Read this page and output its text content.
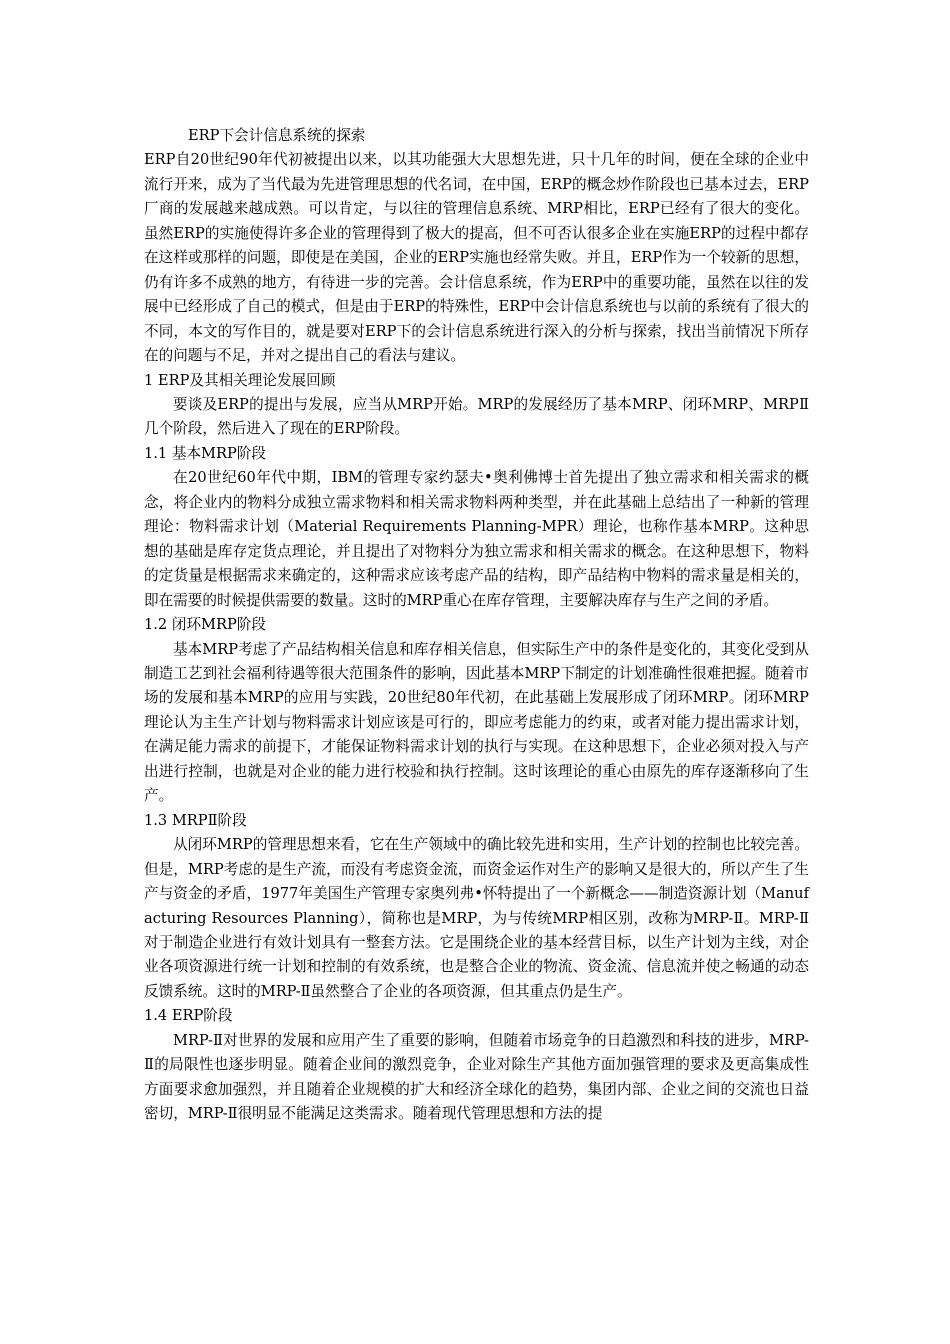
ERP下会计信息系统的探索

ERP自20世纪90年代初被提出以来，以其功能强大大思想先进，只十几年的时间，便在全球的企业中流行开来，成为了当代最为先进管理思想的代名词，在中国，ERP的概念炒作阶段也已基本过去，ERP厂商的发展越来越成熟。可以肯定，与以往的管理信息系统、MRP相比，ERP已经有了很大的变化。虽然ERP的实施使得许多企业的管理得到了极大的提高，但不可否认很多企业在实施ERP的过程中都存在这样或那样的问题，即使是在美国，企业的ERP实施也经常失败。并且，ERP作为一个较新的思想，仍有许多不成熟的地方，有待进一步的完善。会计信息系统，作为ERP中的重要功能，虽然在以往的发展中已经形成了自己的模式，但是由于ERP的特殊性，ERP中会计信息系统也与以前的系统有了很大的不同，本文的写作目的，就是要对ERP下的会计信息系统进行深入的分析与探索，找出当前情况下所存在的问题与不足，并对之提出自己的看法与建议。

1 ERP及其相关理论发展回顾

要谈及ERP的提出与发展，应当从MRP开始。MRP的发展经历了基本MRP、闭环MRP、MRPⅡ几个阶段，然后进入了现在的ERP阶段。

1.1 基本MRP阶段

在20世纪60年代中期，IBM的管理专家约瑟夫•奥利佛博士首先提出了独立需求和相关需求的概念，将企业内的物料分成独立需求物料和相关需求物料两种类型，并在此基础上总结出了一种新的管理理论：物料需求计划（Material Requirements Planning-MPR）理论，也称作基本MRP。这种思想的基础是库存定货点理论，并且提出了对物料分为独立需求和相关需求的概念。在这种思想下，物料的定货量是根据需求来确定的，这种需求应该考虑产品的结构，即产品结构中物料的需求量是相关的，即在需要的时候提供需要的数量。这时的MRP重心在库存管理，主要解决库存与生产之间的矛盾。

1.2 闭环MRP阶段

基本MRP考虑了产品结构相关信息和库存相关信息，但实际生产中的条件是变化的，其变化受到从制造工艺到社会福利待遇等很大范围条件的影响，因此基本MRP下制定的计划准确性很难把握。随着市场的发展和基本MRP的应用与实践，20世纪80年代初，在此基础上发展形成了闭环MRP。闭环MRP理论认为主生产计划与物料需求计划应该是可行的，即应考虑能力的约束，或者对能力提出需求计划，在满足能力需求的前提下，才能保证物料需求计划的执行与实现。在这种思想下，企业必须对投入与产出进行控制，也就是对企业的能力进行校验和执行控制。这时该理论的重心由原先的库存逐渐移向了生产。

1.3 MRPⅡ阶段

从闭环MRP的管理思想来看，它在生产领域中的确比较先进和实用，生产计划的控制也比较完善。但是，MRP考虑的是生产流，而没有考虑资金流，而资金运作对生产的影响又是很大的，所以产生了生产与资金的矛盾，1977年美国生产管理专家奥列弗•怀特提出了一个新概念——制造资源计划（Manufacturing Resources Planning），简称也是MRP，为与传统MRP相区别，改称为MRP-Ⅱ。MRP-Ⅱ对于制造企业进行有效计划具有一整套方法。它是围绕企业的基本经营目标，以生产计划为主线，对企业各项资源进行统一计划和控制的有效系统，也是整合企业的物流、资金流、信息流并使之畅通的动态反馈系统。这时的MRP-Ⅱ虽然整合了企业的各项资源，但其重点仍是生产。

1.4 ERP阶段

MRP-Ⅱ对世界的发展和应用产生了重要的影响，但随着市场竞争的日趋激烈和科技的进步，MRP-Ⅱ的局限性也逐步明显。随着企业间的激烈竞争，企业对除生产其他方面加强管理的要求及更高集成性方面要求愈加强烈，并且随着企业规模的扩大和经济全球化的趋势，集团内部、企业之间的交流也日益密切，MRP-Ⅱ很明显不能满足这类需求。随着现代管理思想和方法的提
